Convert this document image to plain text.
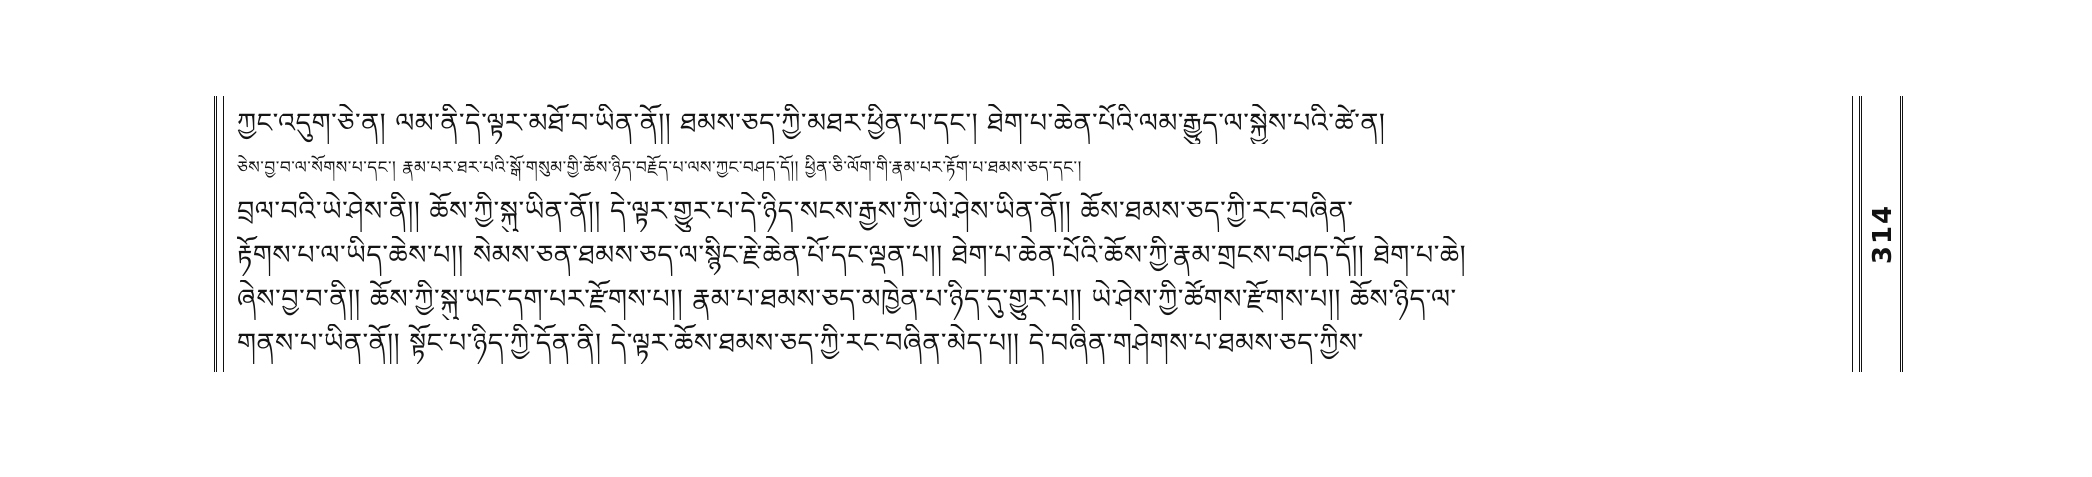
ཀྱང་འདུག་ཅེ་ན། ལམ་ནི་དེ་ལྟར་མཐོ་བ་ཡིན་ནོ།། ཐམས་ཅད་ཀྱི་མཐར་ཕྱིན་པ་དང་། ཐེག་པ་ཆེན་པོའི་ལམ་རྒྱུད་ལ་སྐྱེས་པའི་ཚེ་ན།
ཅེས་བྱ་བ་ལ་སོགས་པ་དང་། རྣམ་པར་ཐར་པའི་སྒོ་གསུམ་གྱི་ཆོས་ཉིད་བརྗོད་པ་ལས་ཀྱང་བཤད་དོ།། ཕྱིན་ཅི་ལོག་གི་རྣམ་པར་རྟོག་པ་ཐམས་ཅད་དང་།
བྲལ་བའི་ཡེ་ཤེས་ནི།། ཆོས་ཀྱི་སྐུ་ཡིན་ནོ།། དེ་ལྟར་གྱུར་པ་དེ་ཉིད་སངས་རྒྱས་ཀྱི་ཡེ་ཤེས་ཡིན་ནོ།། ཆོས་ཐམས་ཅད་ཀྱི་རང་བཞིན་
རྟོགས་པ་ལ་ཡིད་ཆེས་པ།། སེམས་ཅན་ཐམས་ཅད་ལ་སྙིང་རྗེ་ཆེན་པོ་དང་ལྡན་པ།། ཐེག་པ་ཆེན་པོའི་ཆོས་ཀྱི་རྣམ་གྲངས་བཤད་དོ།། ཐེག་པ་ཆེ།
ཞེས་བྱ་བ་ནི།། ཆོས་ཀྱི་སྐུ་ཡང་དག་པར་རྫོགས་པ།། རྣམ་པ་ཐམས་ཅད་མཁྱེན་པ་ཉིད་དུ་གྱུར་པ།། ཡེ་ཤེས་ཀྱི་ཚོགས་རྫོགས་པ།། ཆོས་ཉིད་ལ་
གནས་པ་ཡིན་ནོ།། སྟོང་པ་ཉིད་ཀྱི་དོན་ནི། དེ་ལྟར་ཆོས་ཐམས་ཅད་ཀྱི་རང་བཞིན་མེད་པ།། དེ་བཞིན་གཤེགས་པ་ཐམས་ཅད་ཀྱིས་
314
